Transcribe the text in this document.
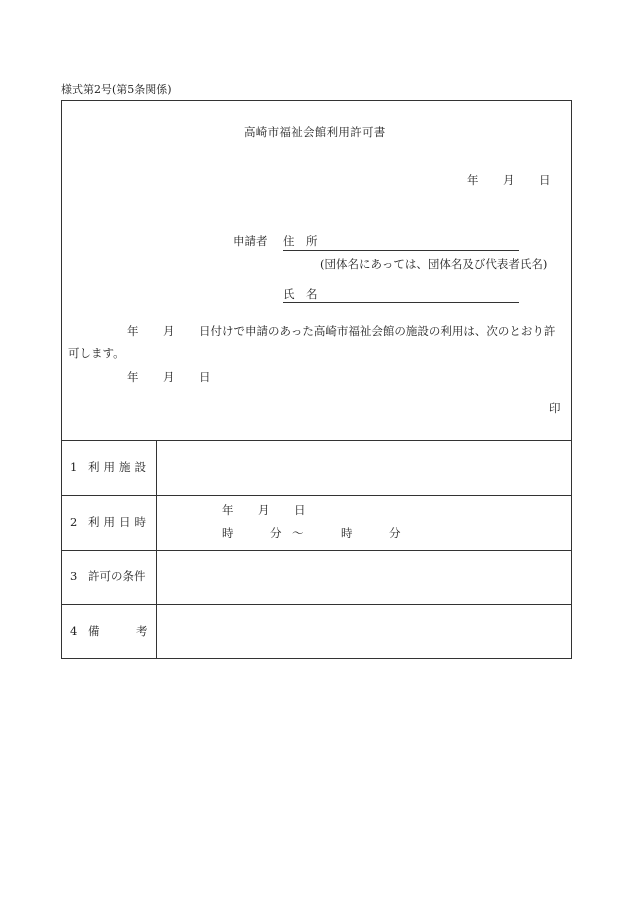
様式第2号(第5条関係)
高崎市福祉会館利用許可書
年 月 日
申請者 住　所
(団体名にあっては、団体名及び代表者氏名)
氏　名
年 月 日付けで申請のあった高崎市福祉会館の施設の利用は、次のとおり許
可します。
年 月 日
印
1 利用施設
2 利用日時
年 月 日
時	分 ～	時	分
3 許可の条件
4 備	考
